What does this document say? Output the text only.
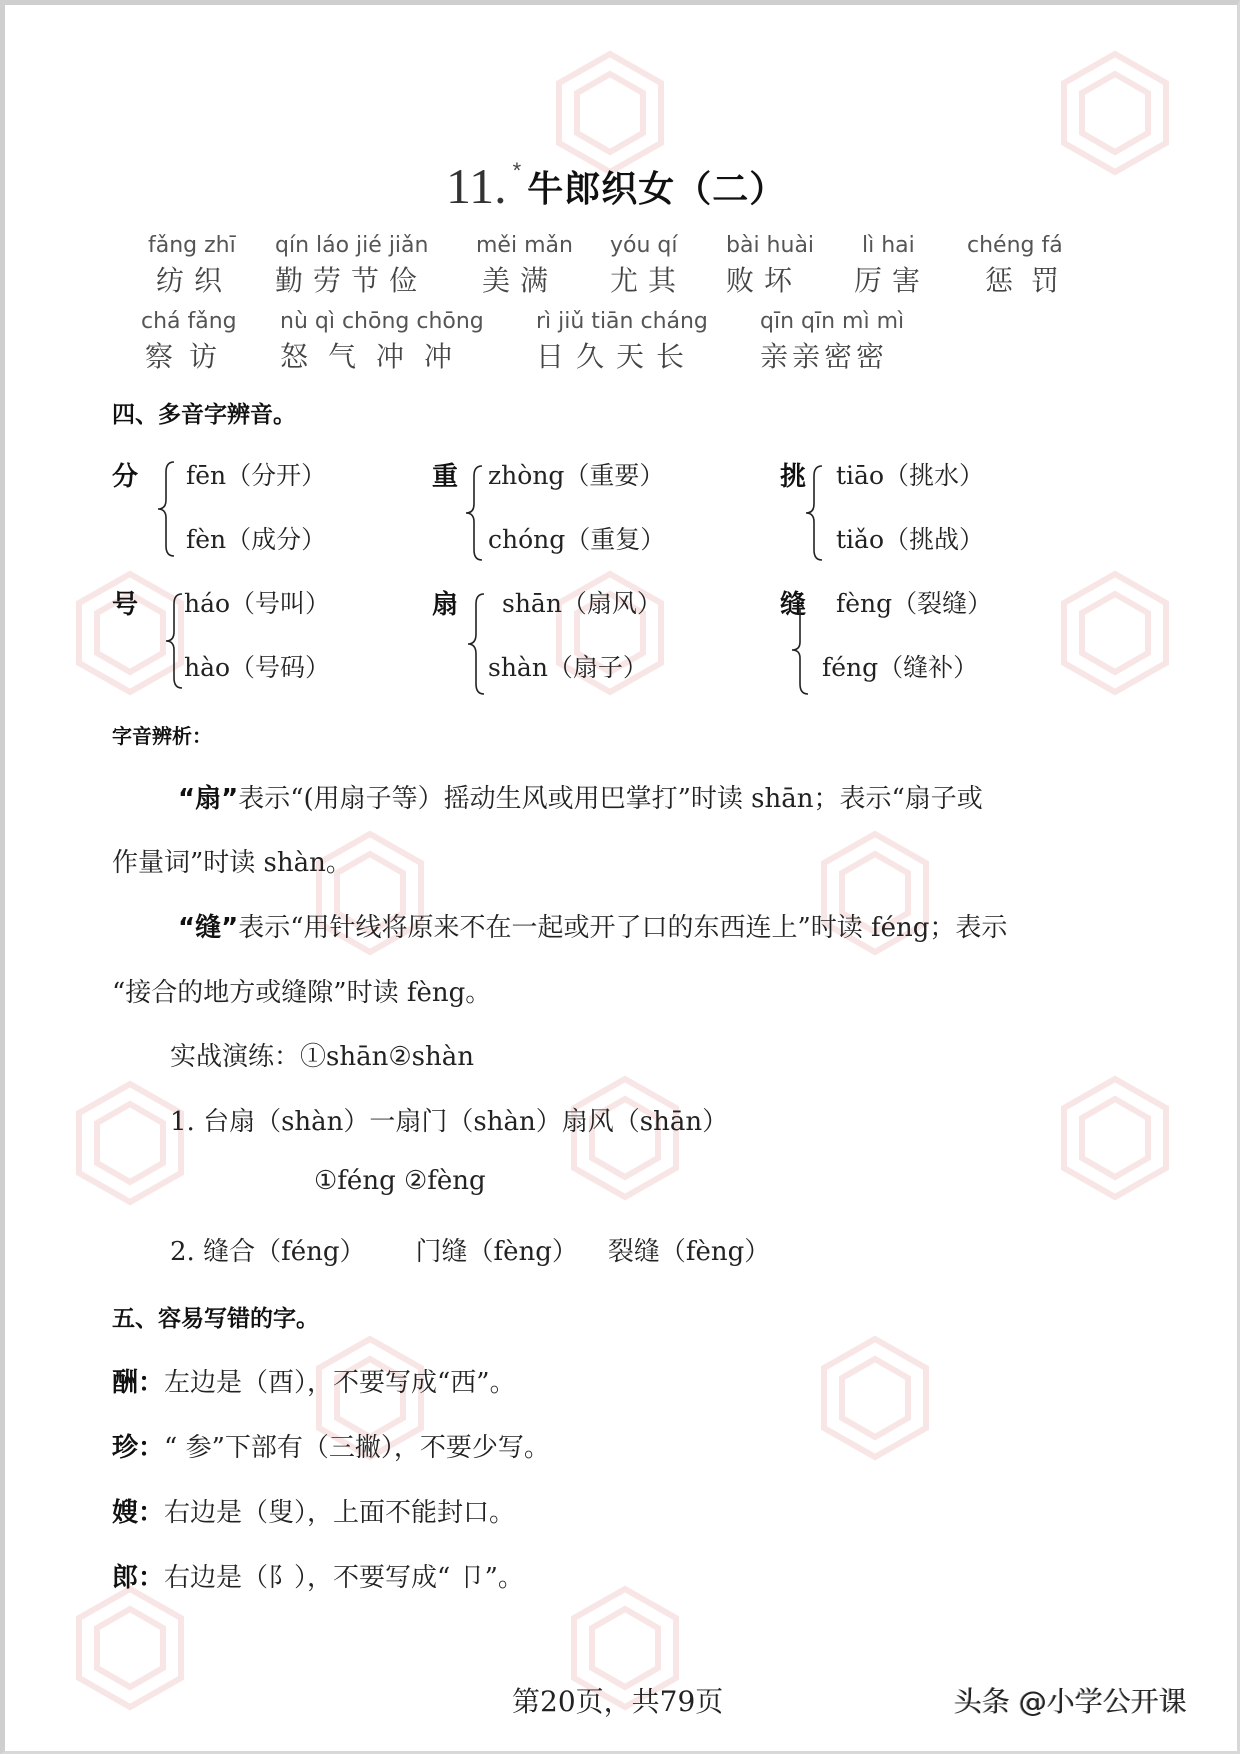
11. * 牛郎织女（二）
fǎng zhī
纺织
qín láo jié jiǎn
勤劳节俭
měi mǎn
美满
yóu qí
尤其
bài huài
败坏
lì hai
厉害
chéng fá
惩罚
chá fǎng
察访
nù qì chōng chōng
怒气冲冲
rì jiǔ tiān cháng
日久天长
qīn qīn mì mì
亲亲密密
四、多音字辨音。
分 fēn（分开）
fèn（成分）
重 zhòng（重要）
chóng（重复）
挑 tiāo（挑水）
tiǎo（挑战）
号 háo（号叫）
hào（号码）
扇 shān（扇风）
shàn（扇子）
缝 fèng（裂缝）
féng（缝补）
字音辨析：
“扇”表示“(用扇子等）摇动生风或用巴掌打”时读 shān；表示“扇子或
作量词”时读 shàn。
“缝”表示“用针线将原来不在一起或开了口的东西连上”时读 féng；表示
“接合的地方或缝隙”时读 fèng。
实战演练：①shān②shàn
1. 台扇（shàn）一扇门（shàn）扇风（shān）
①féng ②fèng
2. 缝合（féng） 门缝（fèng） 裂缝（fèng）
五、容易写错的字。
酬：左边是（酉），不要写成“西”。
珍：“ 参”下部有（三撇），不要少写。
嫂：右边是（叟），上面不能封口。
郎：右边是（阝），不要写成“ 卩”。
第20页，共79页	头条 @小学公开课
